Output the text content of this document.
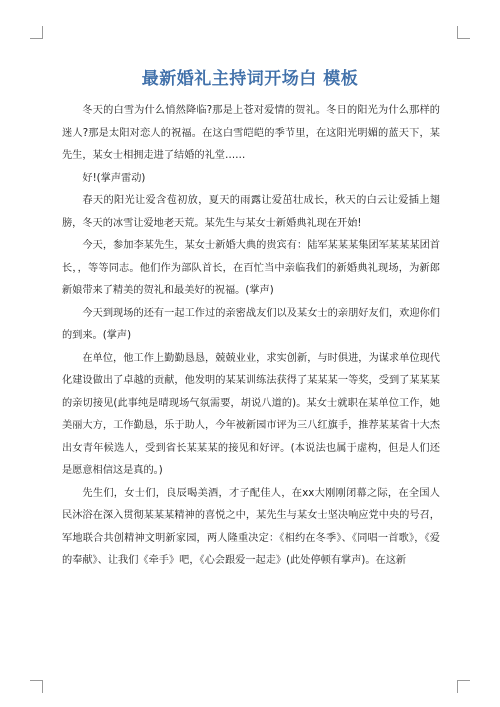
最新婚礼主持词开场白 模板

冬天的白雪为什么悄然降临?那是上苍对爱情的贺礼。冬日的阳光为什么那样的迷人?那是太阳对恋人的祝福。在这白雪皑皑的季节里，在这阳光明媚的蓝天下，某先生，某女士相拥走进了结婚的礼堂……

好!(掌声雷动)

春天的阳光让爱含苞初放，夏天的雨露让爱茁壮成长，秋天的白云让爱插上翅膀，冬天的冰雪让爱地老天荒。某先生与某女士新婚典礼现在开始!

今天，参加李某先生，某女士新婚大典的贵宾有：陆军某某某集团军某某某团首长，，等等同志。他们作为部队首长，在百忙当中亲临我们的新婚典礼现场，为新郎新娘带来了精美的贺礼和最美好的祝福。(掌声)

今天到现场的还有一起工作过的亲密战友们以及某女士的亲朋好友们，欢迎你们的到来。(掌声)

在单位，他工作上勤勤恳恳，兢兢业业，求实创新，与时俱进，为谋求单位现代化建设做出了卓越的贡献，他发明的某某训练法获得了某某某一等奖，受到了某某某的亲切接见(此事纯是晴现场气氛需要，胡说八道的)。某女士就职在某单位工作，她美丽大方，工作勤恳，乐于助人，今年被新园市评为三八红旗手，推荐某某省十大杰出女青年候选人，受到省长某某某的接见和好评。(本说法也属于虚构，但是人们还是愿意相信这是真的。)

先生们，女士们，良辰喝美酒，才子配佳人，在xx大刚刚闭幕之际，在全国人民沐浴在深入贯彻某某某精神的喜悦之中，某先生与某女士坚决响应党中央的号召，军地联合共创精神文明新家园，两人隆重决定：《相约在冬季》、《同唱一首歌》，《爱的奉献》、让我们《牵手》吧，《心会跟爱一起走》(此处停顿有掌声)。在这新
